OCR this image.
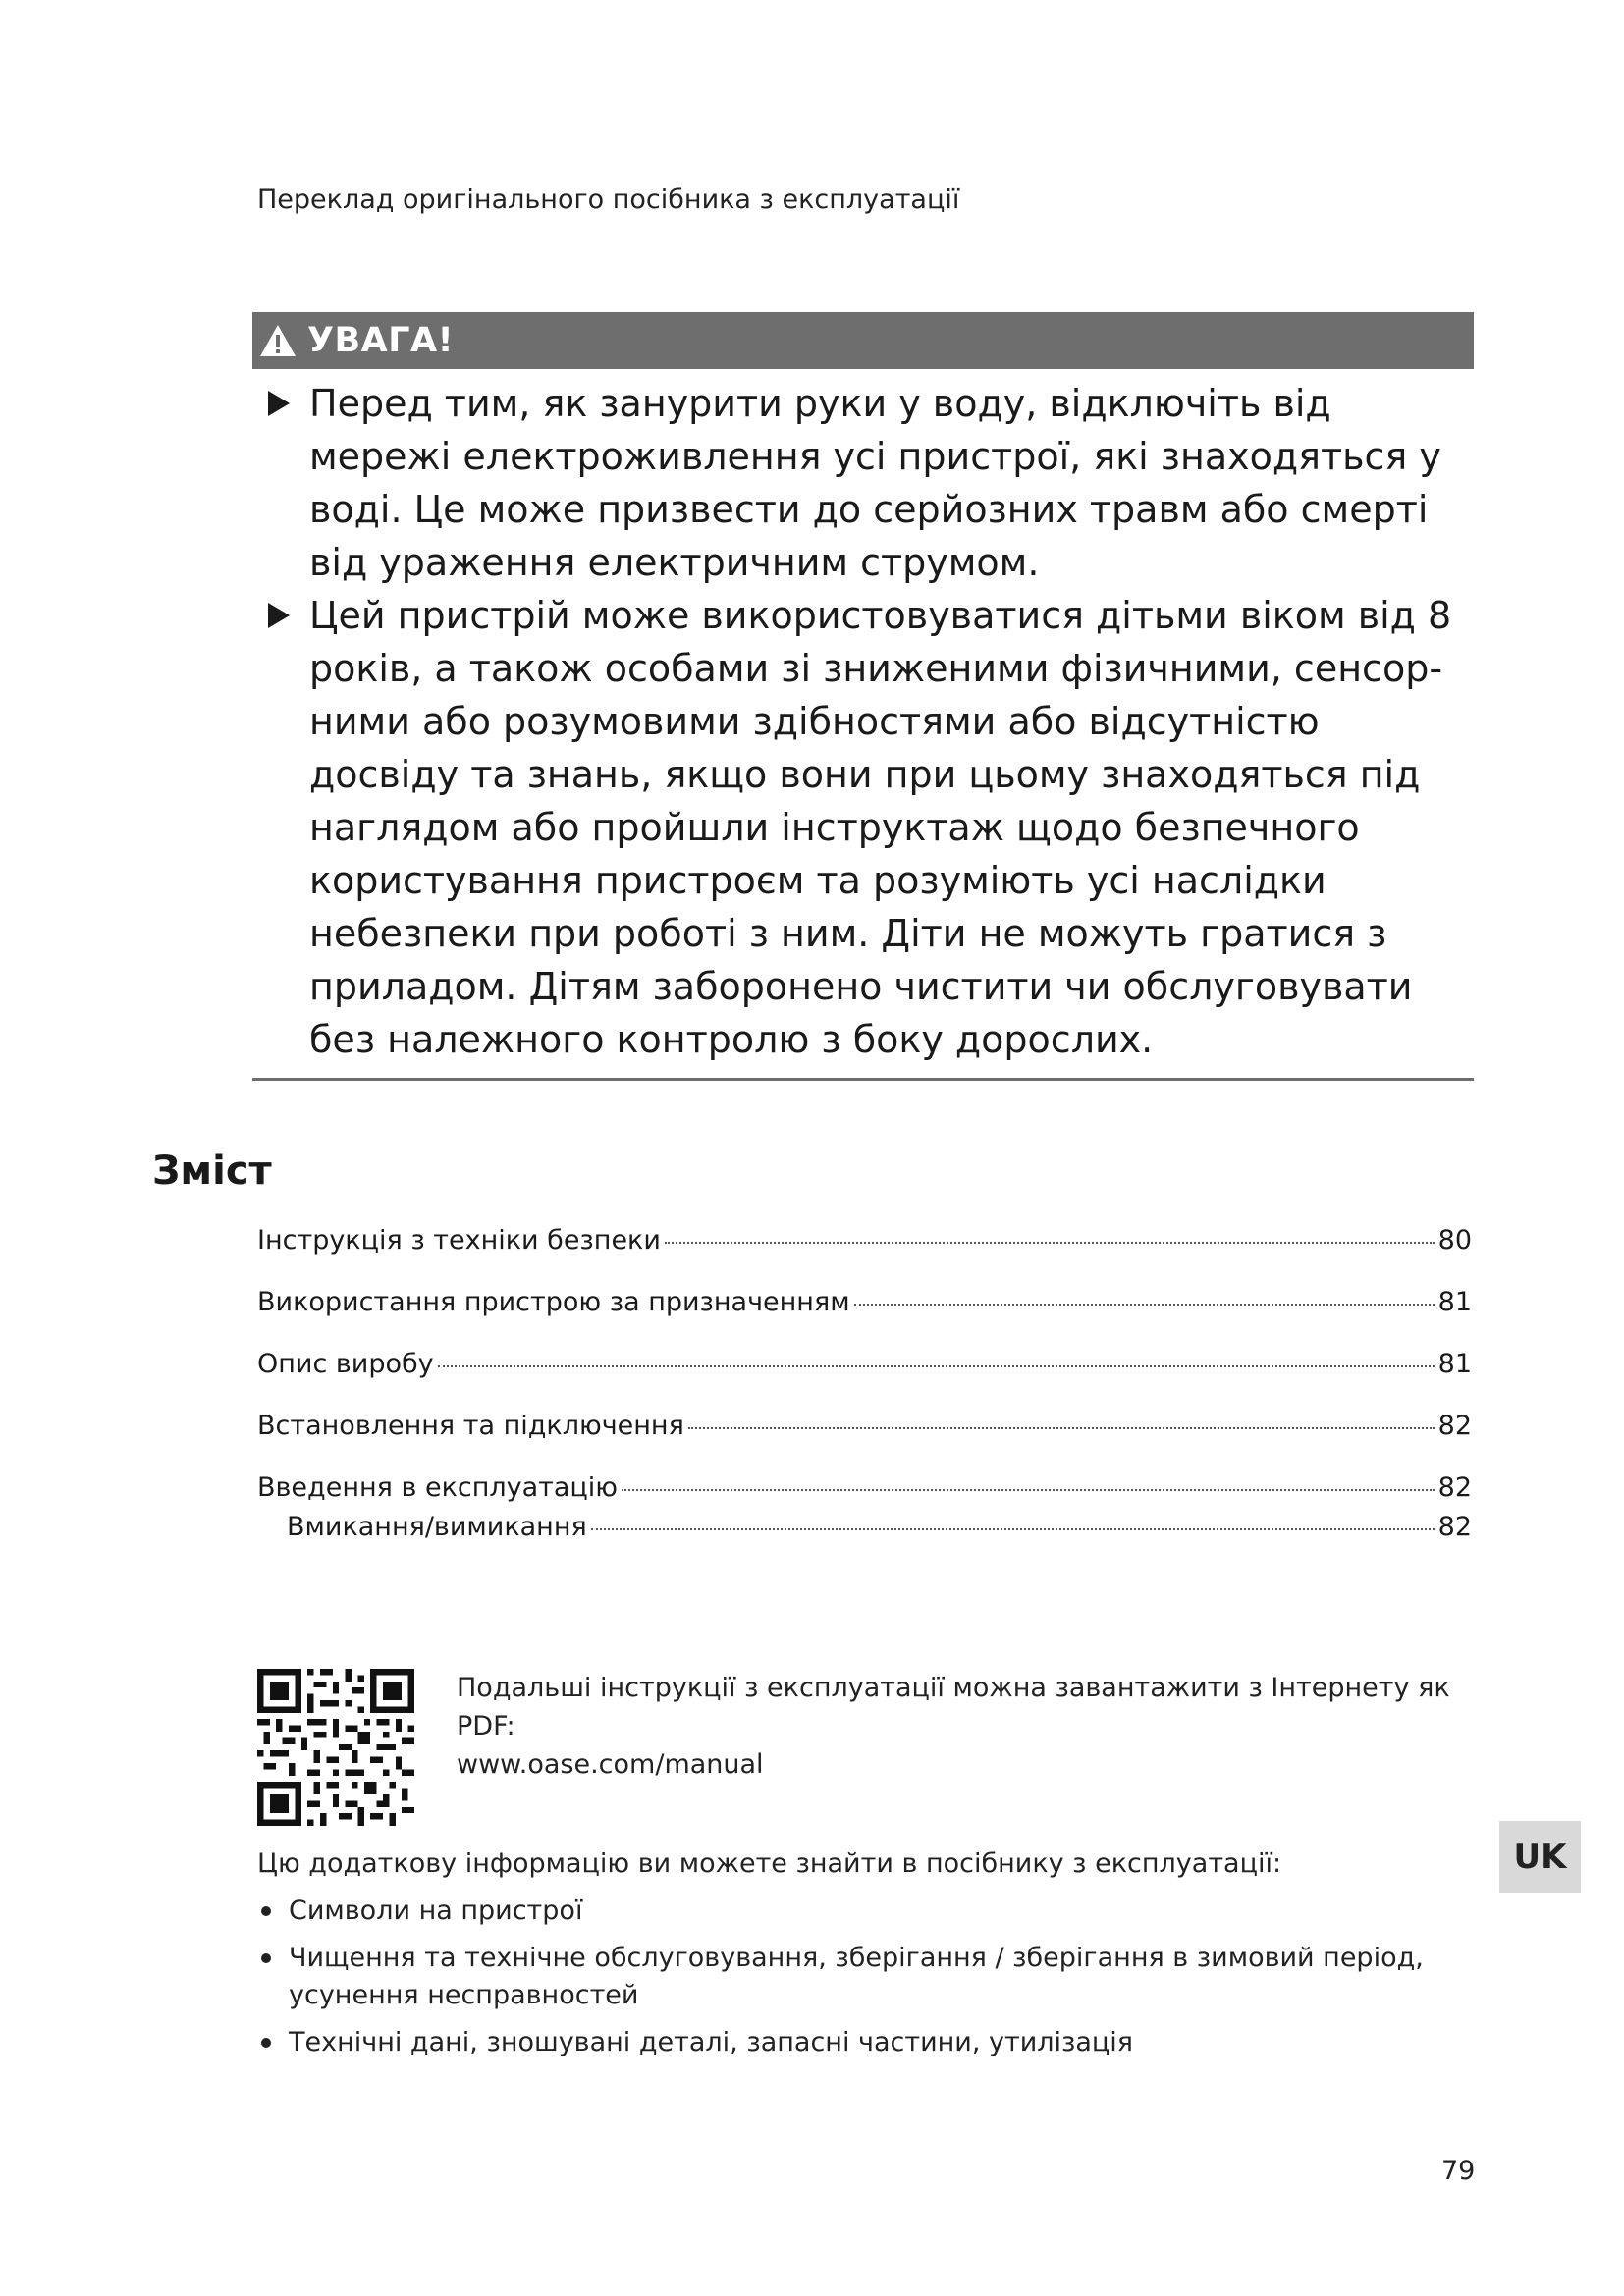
Переклад оригінального посібника з експлуатації
УВАГА!
Перед тим, як занурити руки у воду, відключіть від мережі електроживлення усі пристрої, які знаходяться у воді. Це може призвести до серйозних травм або смерті від ураження електричним струмом.
Цей пристрій може використовуватися дітьми віком від 8 років, а також особами зі зниженими фізичними, сенсорними або розумовими здібностями або відсутністю досвіду та знань, якщо вони при цьому знаходяться під наглядом або пройшли інструктаж щодо безпечного користування пристроєм та розуміють усі наслідки небезпеки при роботі з ним. Діти не можуть гратися з приладом. Дітям заборонено чистити чи обслуговувати без належного контролю з боку дорослих.
Зміст
Інструкція з техніки безпеки	80
Використання пристрою за призначенням	81
Опис виробу	81
Встановлення та підключення	82
Введення в експлуатацію	82
Вмикання/вимикання	82
Подальші інструкції з експлуатації можна завантажити з Інтернету як PDF:
www.oase.com/manual
Цю додаткову інформацію ви можете знайти в посібнику з експлуатації:
Символи на пристрої
Чищення та технічне обслуговування, зберігання / зберігання в зимовий період, усунення несправностей
Технічні дані, зношувані деталі, запасні частини, утилізація
UK
79
